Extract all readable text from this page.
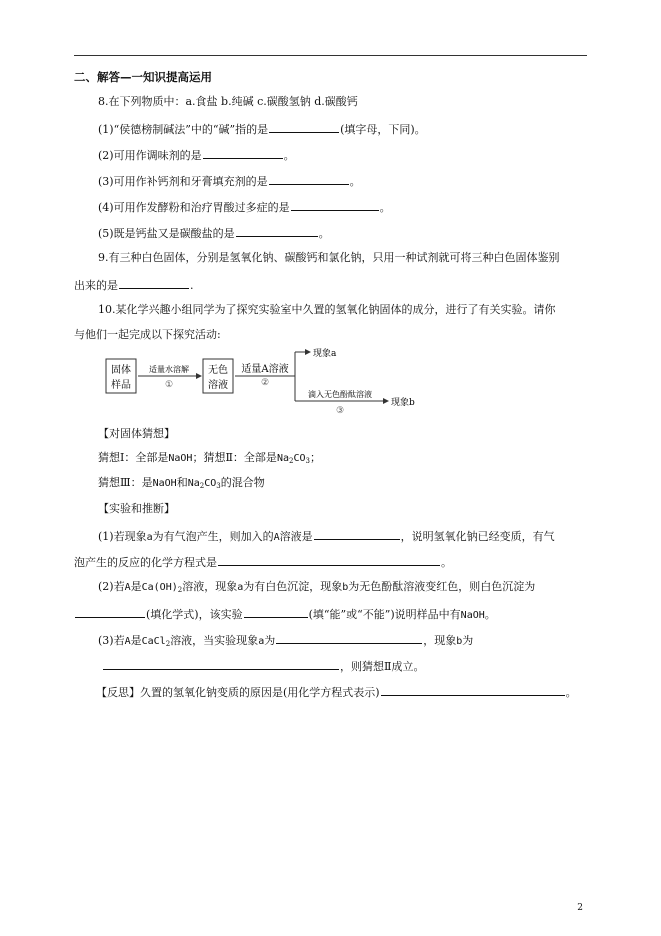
二、解答—一知识提高运用
8.在下列物质中：a.食盐 b.纯碱 c.碳酸氢钠 d.碳酸钙
(1)“侯德榜制碱法”中的“碱”指的是	(填字母，下同)。
(2)可用作调味剂的是	。
(3)可用作补钙剂和牙膏填充剂的是	。
(4)可用作发酵粉和治疗胃酸过多症的是	。
(5)既是钙盐又是碳酸盐的是	。
9.有三种白色固体，分别是氢氧化钠、碳酸钙和氯化钠，只用一种试剂就可将三种白色固体鉴别
出来的是	.
10.某化学兴趣小组同学为了探究实验室中久置的氢氧化钠固体的成分，进行了有关实验。请你
与他们一起完成以下探究活动:
固体
样品
适量水溶解
①
无色
溶液
适量A溶液
②
现象a
滴入无色酚酞溶液
③
现象b
【对固体猜想】
猜想Ⅰ：全部是NaOH；猜想Ⅱ：全部是$Na_2CO_3$；
猜想Ⅲ：是NaOH和$Na_2CO_3$的混合物
【实验和推断】
(1)若现象a为有气泡产生，则加入的A溶液是	，说明氢氧化钠已经变质，有气
泡产生的反应的化学方程式是	。
(2)若A是$Ca(OH)_2$溶液，现象a为有白色沉淀，现象b为无色酚酞溶液变红色，则白色沉淀为
(填化学式)，该实验	(填“能”或“不能”)说明样品中有NaOH。
(3)若A是CaCl$_2$溶液，当实验现象a为	，现象b为
，则猜想Ⅱ成立。
【反思】久置的氢氧化钠变质的原因是(用化学方程式表示)	。
2
